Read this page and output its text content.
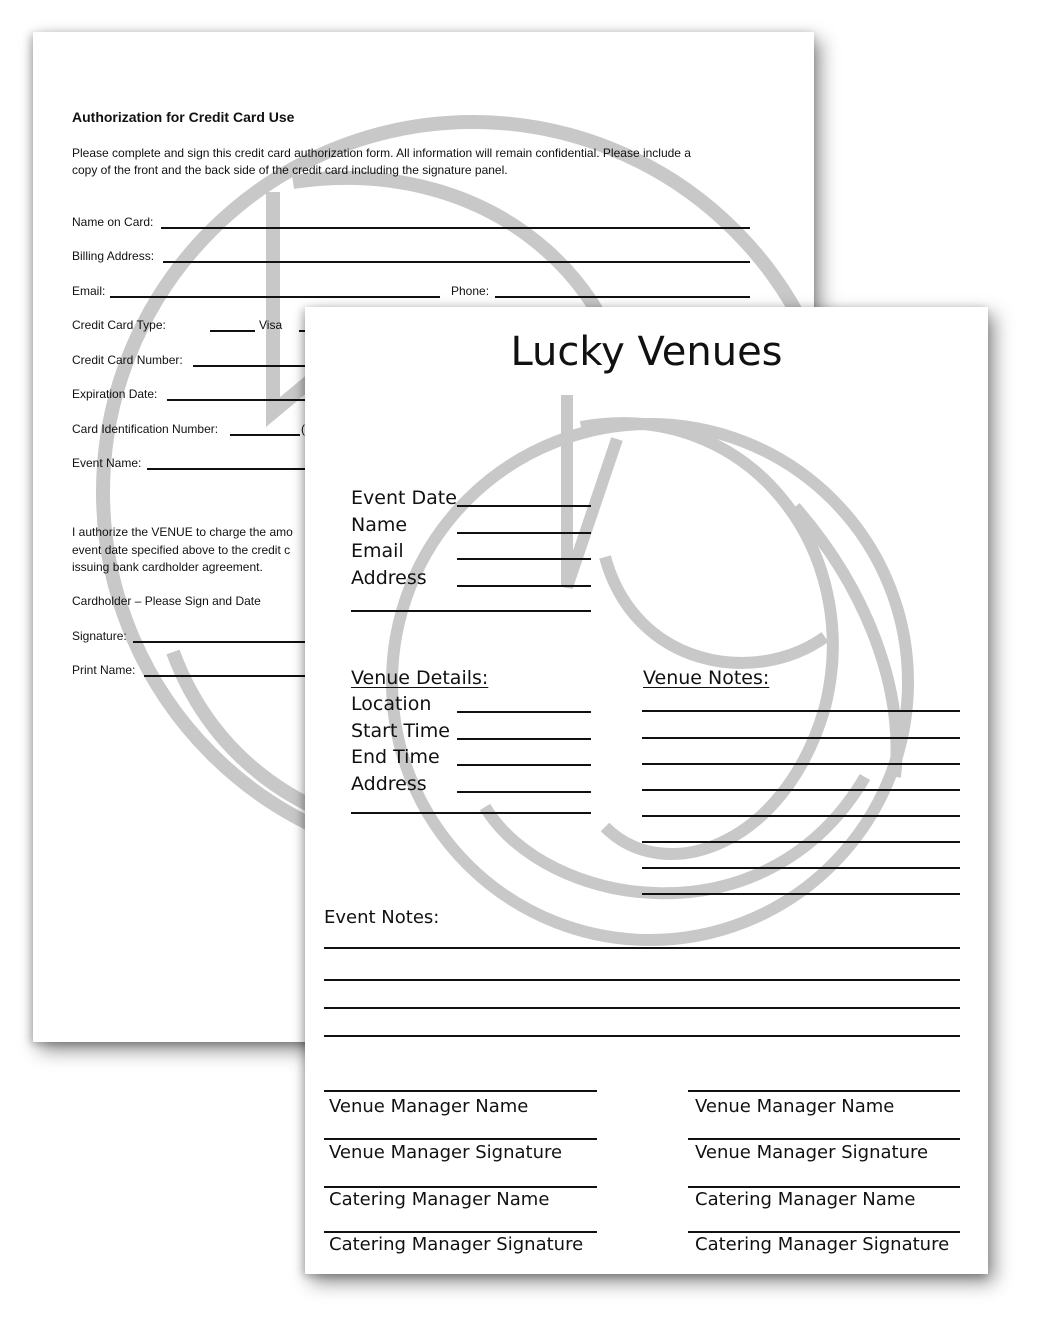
Authorization for Credit Card Use
Please complete and sign this credit card authorization form. All information will remain confidential. Please include a
copy of the front and the back side of the credit card including the signature panel.
Name on Card:
Billing Address:
Email:	Phone:
Credit Card Type:	Visa
Credit Card Number:
Expiration Date:
Card Identification Number:	(
Event Name:
I authorize the VENUE to charge the amo
event date specified above to the credit c
issuing bank cardholder agreement.
Cardholder – Please Sign and Date
Signature:
Print Name:
Lucky Venues
Event Date
Name
Email
Address
Venue Details:
Location
Start Time
End Time
Address
Venue Notes:
Event Notes:
Venue Manager Name
Venue Manager Signature
Catering Manager Name
Catering Manager Signature
Venue Manager Name
Venue Manager Signature
Catering Manager Name
Catering Manager Signature
